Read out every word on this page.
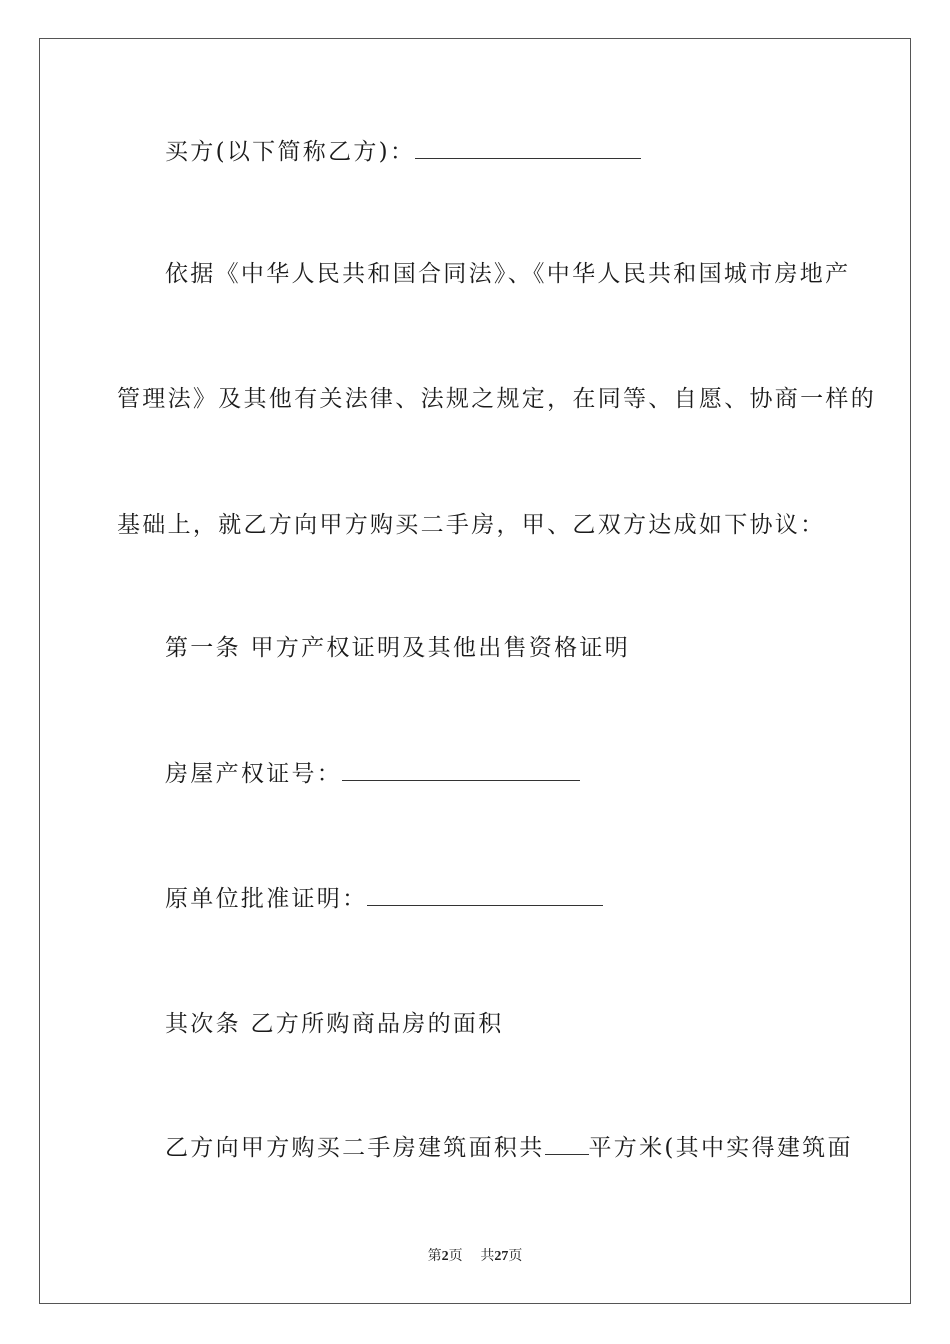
买方(以下简称乙方)：
依据《中华人民共和国合同法》、《中华人民共和国城市房地产
管理法》及其他有关法律、法规之规定，在同等、自愿、协商一样的
基础上，就乙方向甲方购买二手房，甲、乙双方达成如下协议：
第一条 甲方产权证明及其他出售资格证明
房屋产权证号：
原单位批准证明：
其次条 乙方所购商品房的面积
乙方向甲方购买二手房建筑面积共 平方米(其中实得建筑面
第2页    共27页
